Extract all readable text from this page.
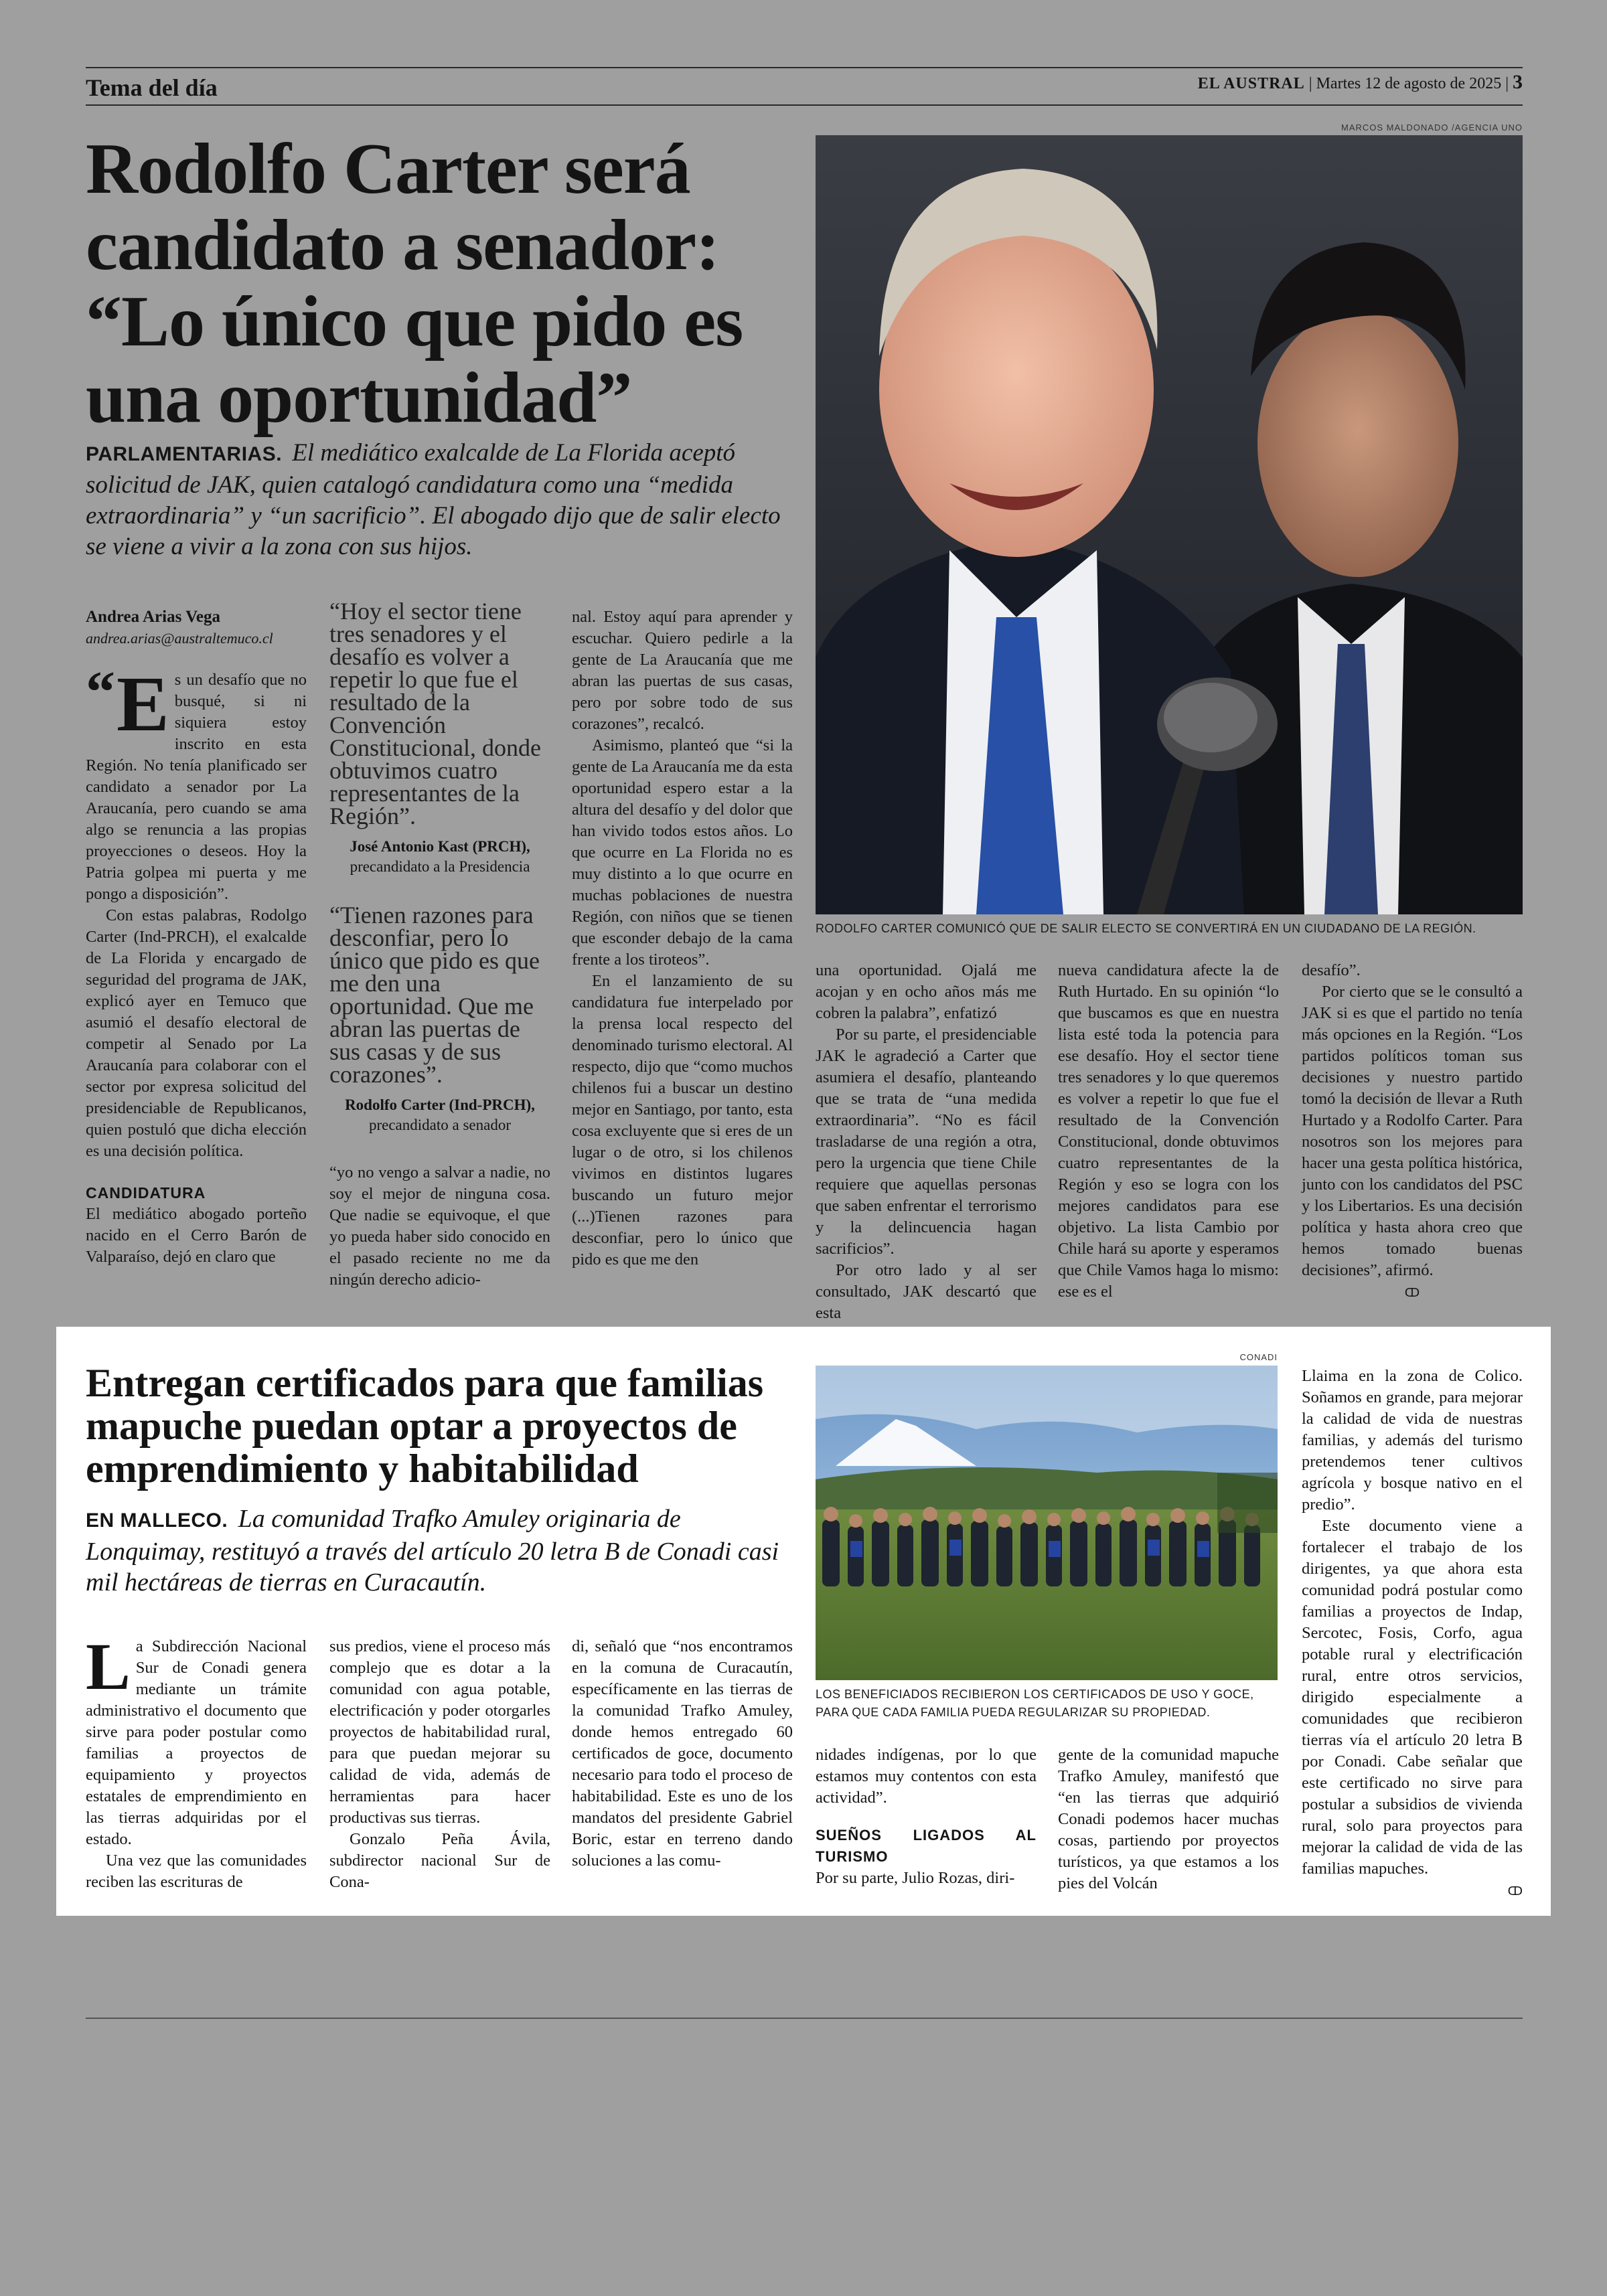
Tema del día	EL AUSTRAL | Martes 12 de agosto de 2025 | 3
Rodolfo Carter será candidato a senador: “Lo único que pido es una oportunidad”
PARLAMENTARIAS. El mediático exalcalde de La Florida aceptó solicitud de JAK, quien catalogó candidatura como una “medida extraordinaria” y “un sacrificio”. El abogado dijo que de salir electo se viene a vivir a la zona con sus hijos.
MARCOS MALDONADO /AGENCIA UNO
RODOLFO CARTER COMUNICÓ QUE DE SALIR ELECTO SE CONVERTIRÁ EN UN CIUDADANO DE LA REGIÓN.
Andrea Arias Vega
andrea.arias@australtemuco.cl

“ E s un desafío que no busqué, si ni siquiera estoy inscrito en esta Región. No tenía planificado ser candidato a senador por La Araucanía, pero cuando se ama algo se renuncia a las propias proyecciones o deseos. Hoy la Patria golpea mi puerta y me pongo a disposición”.

Con estas palabras, Rodolgo Carter (Ind-PRCH), el exalcalde de La Florida y encargado de seguridad del programa de JAK, explicó ayer en Temuco que asumió el desafío electoral de competir al Senado por La Araucanía para colaborar con el sector por expresa solicitud del presidenciable de Republicanos, quien postuló que dicha elección es una decisión política.

CANDIDATURA

El mediático abogado porteño nacido en el Cerro Barón de Valparaíso, dejó en claro que

“Hoy el sector tiene tres senadores y el desafío es volver a repetir lo que fue el resultado de la Convención Constitucional, donde obtuvimos cuatro representantes de la Región”.
José Antonio Kast (PRCH),
precandidato a la Presidencia
“Tienen razones para desconfiar, pero lo único que pido es que me den una oportunidad. Que me abran las puertas de sus casas y de sus corazones”.
Rodolfo Carter (Ind-PRCH),
precandidato a senador

“yo no vengo a salvar a nadie, no soy el mejor de ninguna cosa. Que nadie se equivoque, el que yo pueda haber sido conocido en el pasado reciente no me da ningún derecho adicio-

nal. Estoy aquí para aprender y escuchar. Quiero pedirle a la gente de La Araucanía que me abran las puertas de sus casas, pero por sobre todo de sus corazones”, recalcó.

Asimismo, planteó que “si la gente de La Araucanía me da esta oportunidad espero estar a la altura del desafío y del dolor que han vivido todos estos años. Lo que ocurre en La Florida no es muy distinto a lo que ocurre en muchas poblaciones de nuestra Región, con niños que se tienen que esconder debajo de la cama frente a los tiroteos”.

En el lanzamiento de su candidatura fue interpelado por la prensa local respecto del denominado turismo electoral. Al respecto, dijo que “como muchos chilenos fui a buscar un destino mejor en Santiago, por tanto, esta cosa excluyente que si eres de un lugar o de otro, si los chilenos vivimos en distintos lugares buscando un futuro mejor (...)Tienen razones para desconfiar, pero lo único que pido es que me den

una oportunidad. Ojalá me acojan y en ocho años más me cobren la palabra”, enfatizó

Por su parte, el presidenciable JAK le agradeció a Carter que asumiera el desafío, planteando que se trata de “una medida extraordinaria”. “No es fácil trasladarse de una región a otra, pero la urgencia que tiene Chile requiere que aquellas personas que saben enfrentar el terrorismo y la delincuencia hagan sacrificios”.

Por otro lado y al ser consultado, JAK descartó que esta

nueva candidatura afecte la de Ruth Hurtado. En su opinión “lo que buscamos es que en nuestra lista esté toda la potencia para ese desafío. Hoy el sector tiene tres senadores y lo que queremos es volver a repetir lo que fue el resultado de la Convención Constitucional, donde obtuvimos cuatro representantes de la Región y eso se logra con los mejores candidatos para ese objetivo. La lista Cambio por Chile hará su aporte y esperamos que Chile Vamos haga lo mismo: ese es el

desafío”.

Por cierto que se le consultó a JAK si es que el partido no tenía más opciones en la Región. “Los partidos políticos toman sus decisiones y nuestro partido tomó la decisión de llevar a Ruth Hurtado y a Rodolfo Carter. Para nosotros son los mejores para hacer una gesta política histórica, junto con los candidatos del PSC y los Libertarios. Es una decisión política y hasta ahora creo que hemos tomado buenas decisiones”, afirmó.

ↀ
Entregan certificados para que familias mapuche puedan optar a proyectos de emprendimiento y habitabilidad
EN MALLECO. La comunidad Trafko Amuley originaria de Lonquimay, restituyó a través del artículo 20 letra B de Conadi casi mil hectáreas de tierras en Curacautín.
CONADI
LOS BENEFICIADOS RECIBIERON LOS CERTIFICADOS DE USO Y GOCE, PARA QUE CADA FAMILIA PUEDA REGULARIZAR SU PROPIEDAD.

La Subdirección Nacional Sur de Conadi genera mediante un trámite administrativo el documento que sirve para poder postular como familias a proyectos de equipamiento y proyectos estatales de emprendimiento en las tierras adquiridas por el estado.

Una vez que las comunidades reciben las escrituras de

sus predios, viene el proceso más complejo que es dotar a la comunidad con agua potable, electrificación y poder otorgarles proyectos de habitabilidad rural, para que puedan mejorar su calidad de vida, además de herramientas para hacer productivas sus tierras.

Gonzalo Peña Ávila, subdirector nacional Sur de Cona-

di, señaló que “nos encontramos en la comuna de Curacautín, específicamente en las tierras de la comunidad Trafko Amuley, donde hemos entregado 60 certificados de goce, documento necesario para todo el proceso de habitabilidad. Este es uno de los mandatos del presidente Gabriel Boric, estar en terreno dando soluciones a las comu-

nidades indígenas, por lo que estamos muy contentos con esta actividad”.

SUEÑOS LIGADOS AL TURISMO

Por su parte, Julio Rozas, diri-

gente de la comunidad mapuche Trafko Amuley, manifestó que “en las tierras que adquirió Conadi podemos hacer muchas cosas, partiendo por proyectos turísticos, ya que estamos a los pies del Volcán

Llaima en la zona de Colico. Soñamos en grande, para mejorar la calidad de vida de nuestras familias, y además del turismo pretendemos tener cultivos agrícola y bosque nativo en el predio”.

Este documento viene a fortalecer el trabajo de los dirigentes, ya que ahora esta comunidad podrá postular como familias a proyectos de Indap, Sercotec, Fosis, Corfo, agua potable rural y electrificación rural, entre otros servicios, dirigido especialmente a comunidades que recibieron tierras vía el artículo 20 letra B por Conadi. Cabe señalar que este certificado no sirve para postular a subsidios de vivienda rural, solo para proyectos para mejorar la calidad de vida de las familias mapuches.

ↀ
